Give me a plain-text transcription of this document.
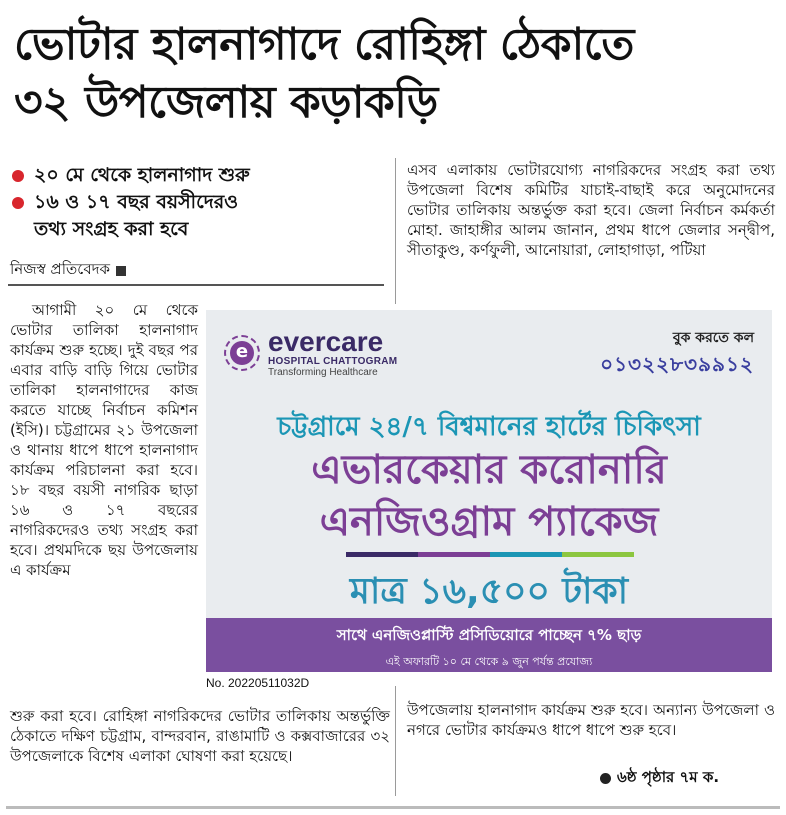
ভোটার হালনাগাদে রোহিঙ্গা ঠেকাতে
৩২ উপজেলায় কড়াকড়ি
২০ মে থেকে হালনাগাদ শুরু
১৬ ও ১৭ বছর বয়সীদেরও
তথ্য সংগ্রহ করা হবে
নিজস্ব প্রতিবেদক
এসব এলাকায় ভোটারযোগ্য নাগরিকদের সংগ্রহ করা তথ্য উপজেলা বিশেষ কমিটির যাচাই-বাছাই করে অনুমোদনের ভোটার তালিকায় অন্তর্ভুক্ত করা হবে। জেলা নির্বাচন কর্মকর্তা মোহা. জাহাঙ্গীর আলম জানান, প্রথম ধাপে জেলার সন্দ্বীপ, সীতাকুণ্ড, কর্ণফুলী, আনোয়ারা, লোহাগাড়া, পটিয়া

আগামী ২০ মে থেকে ভোটার তালিকা হালনাগাদ কার্যক্রম শুরু হচ্ছে। দুই বছর পর এবার বাড়ি বাড়ি গিয়ে ভোটার তালিকা হালনাগাদের কাজ করতে যাচ্ছে নির্বাচন কমিশন (ইসি)। চট্টগ্রামের ২১ উপজেলা ও থানায় ধাপে ধাপে হালনাগাদ কার্যক্রম পরিচালনা করা হবে। ১৮ বছর বয়সী নাগরিক ছাড়া ১৬ ও ১৭ বছরের নাগরিকদেরও তথ্য সংগ্রহ করা হবে। প্রথমদিকে ছয় উপজেলায় এ কার্যক্রম

e evercare
HOSPITAL CHATTOGRAM
Transforming Healthcare
বুক করতে কল
০১৩২২৮৩৯৯১২
চট্টগ্রামে ২৪/৭ বিশ্বমানের হার্টের চিকিৎসা
এভারকেয়ার করোনারি
এনজিওগ্রাম প্যাকেজ
মাত্র ১৬,৫০০ টাকা
সাথে এনজিওপ্লাস্টি প্রসিডিয়োরে পাচ্ছেন ৭% ছাড়
এই অফারটি ১০ মে থেকে ৯ জুন পর্যন্ত প্রযোজ্য
No. 20220511032D
শুরু করা হবে। রোহিঙ্গা নাগরিকদের ভোটার তালিকায় অন্তর্ভুক্তি ঠেকাতে দক্ষিণ চট্টগ্রাম, বান্দরবান, রাঙামাটি ও কক্সবাজারের ৩২ উপজেলাকে বিশেষ এলাকা ঘোষণা করা হয়েছে।
উপজেলায় হালনাগাদ কার্যক্রম শুরু হবে। অন্যান্য উপজেলা ও নগরে ভোটার কার্যক্রমও ধাপে ধাপে শুরু হবে।
৬ষ্ঠ পৃষ্ঠার ৭ম ক.
